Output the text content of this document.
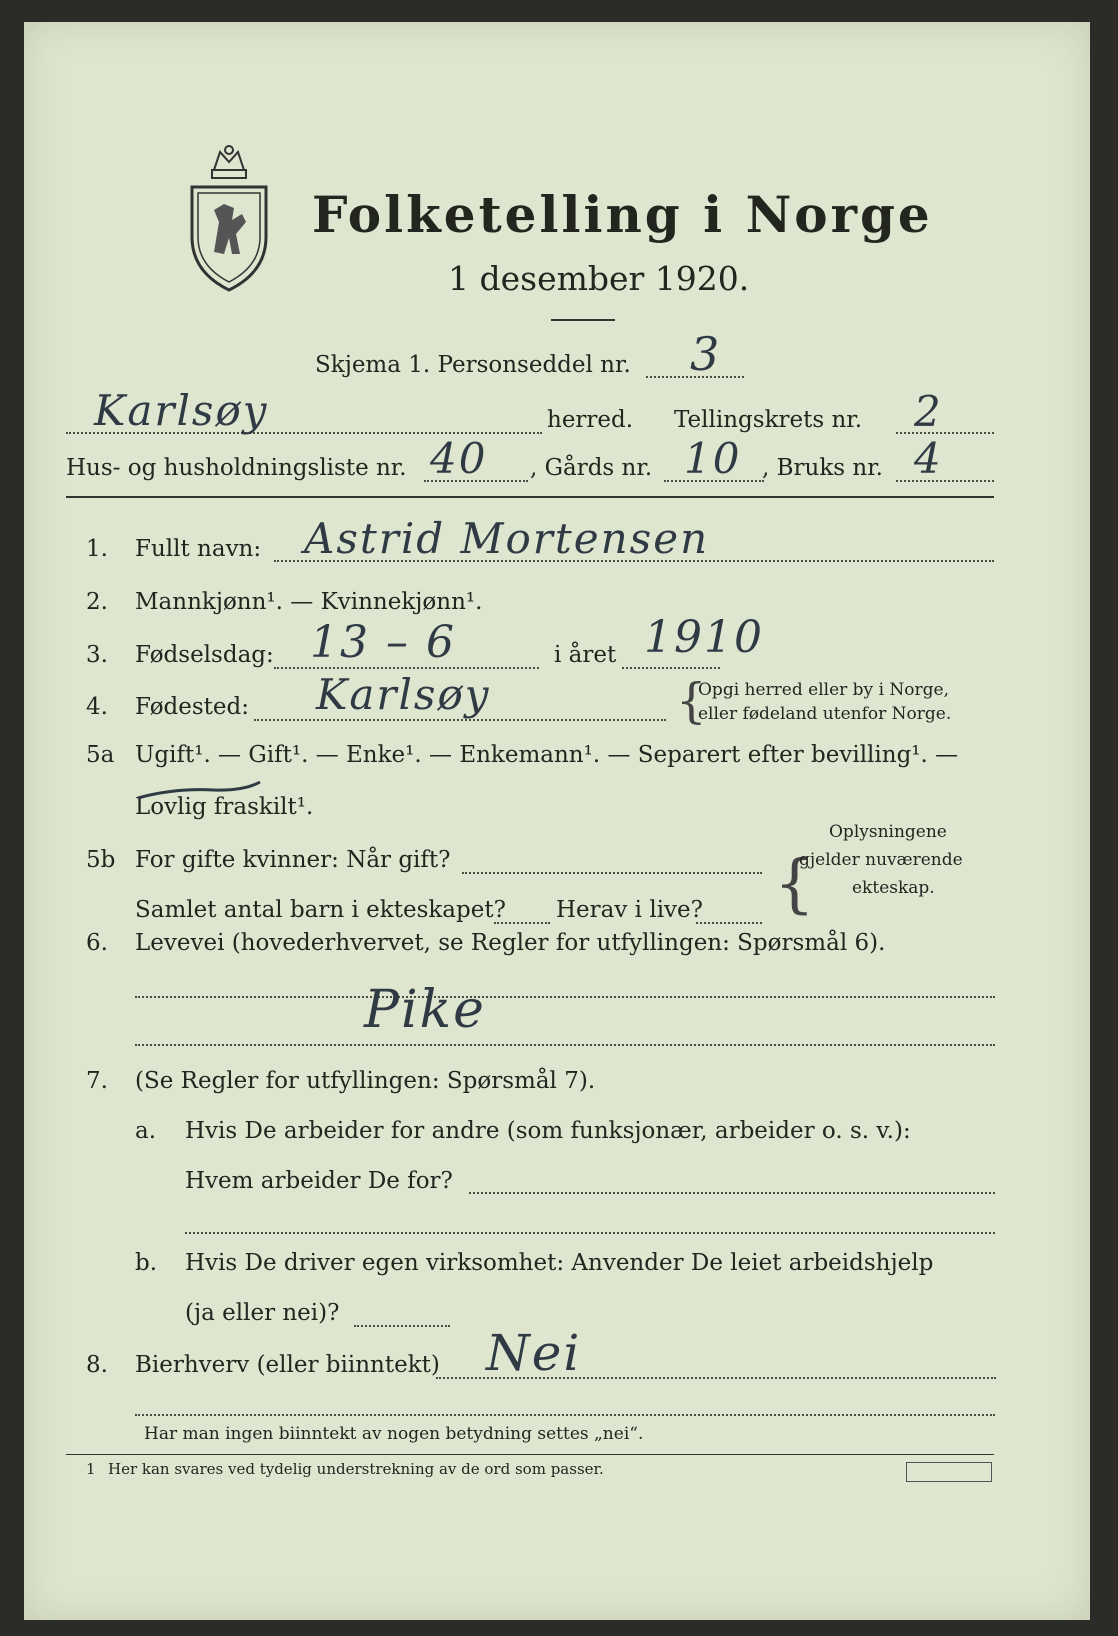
Folketelling i Norge
1 desember 1920.
Skjema 1. Personseddel nr. 3
Karlsøy	herred. Tellingskrets nr. 2
Hus- og husholdningsliste nr. 40 , Gårds nr. 10 , Bruks nr. 4
1. Fullt navn: Astrid Mortensen
2. Mannkjønn¹. — Kvinnekjønn¹.
3. Fødselsdag: 13 – 6	i året 1910
4. Fødested: Karlsøy	{
Opgi herred eller by i Norge,
eller fødeland utenfor Norge.
5a Ugift¹. — Gift¹. — Enke¹. — Enkemann¹. — Separert efter bevilling¹. —
Lovlig fraskilt¹.
5b For gifte kvinner: Når gift?
Samlet antal barn i ekteskapet? Herav i live? {
Oplysningene
gjelder nuværende
ekteskap.
6. Levevei (hovederhvervet, se Regler for utfyllingen: Spørsmål 6).
Pike
7. (Se Regler for utfyllingen: Spørsmål 7).
a. Hvis De arbeider for andre (som funksjonær, arbeider o. s. v.):
Hvem arbeider De for?
b. Hvis De driver egen virksomhet: Anvender De leiet arbeidshjelp
(ja eller nei)?
8. Bierhverv (eller biinntekt) Nei
Har man ingen biinntekt av nogen betydning settes „nei“.
1 Her kan svares ved tydelig understrekning av de ord som passer.
